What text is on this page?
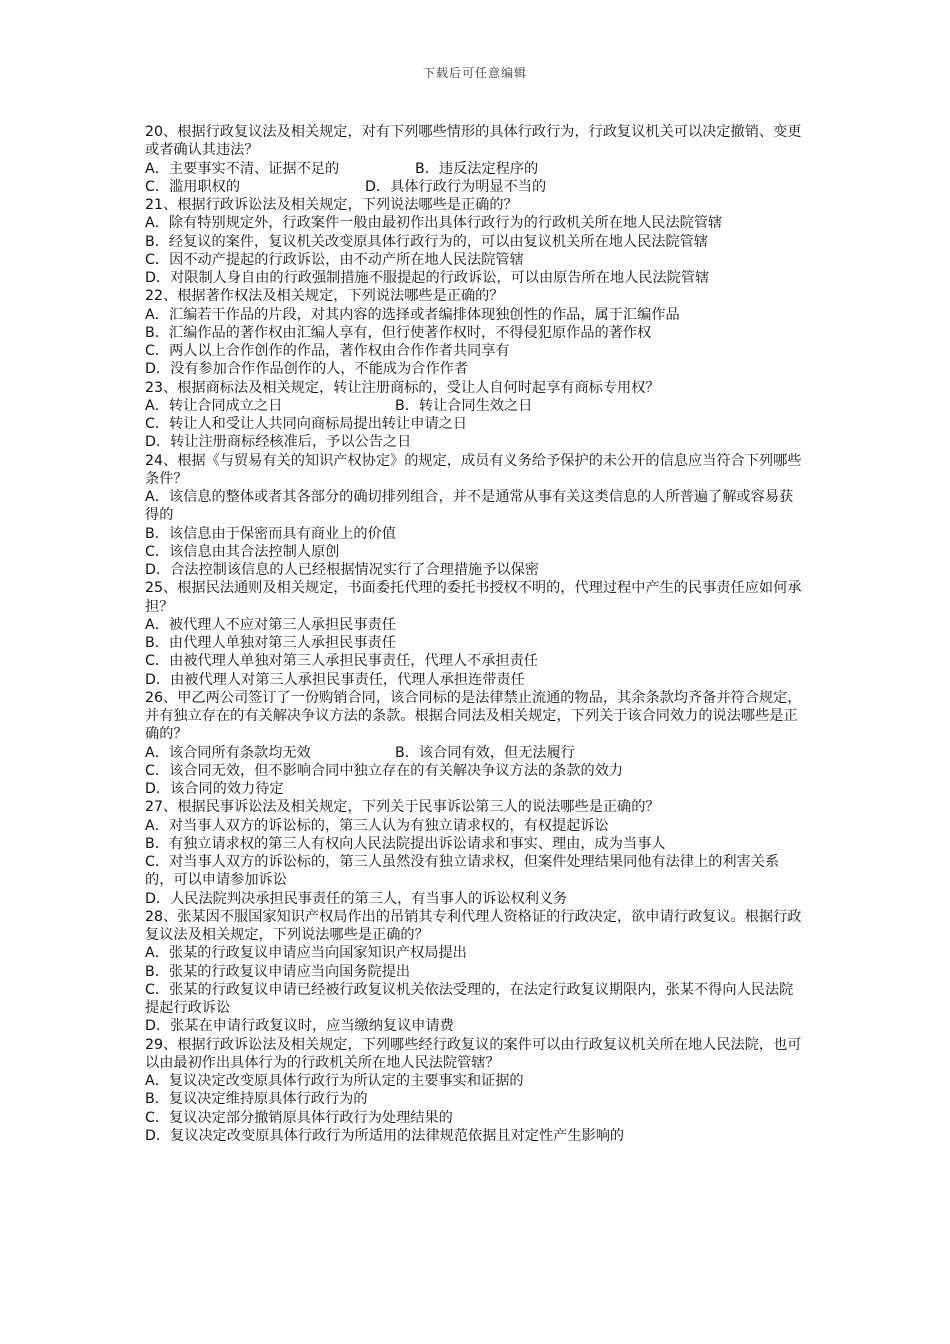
下载后可任意编辑
20、根据行政复议法及相关规定，对有下列哪些情形的具体行政行为，行政复议机关可以决定撤销、变更或者确认其违法？
A．主要事实不清、证据不足的	B．违反法定程序的
C．滥用职权的	D．具体行政行为明显不当的
21、根据行政诉讼法及相关规定，下列说法哪些是正确的？
A．除有特别规定外，行政案件一般由最初作出具体行政行为的行政机关所在地人民法院管辖
B．经复议的案件，复议机关改变原具体行政行为的，可以由复议机关所在地人民法院管辖
C．因不动产提起的行政诉讼，由不动产所在地人民法院管辖
D．对限制人身自由的行政强制措施不服提起的行政诉讼，可以由原告所在地人民法院管辖
22、根据著作权法及相关规定，下列说法哪些是正确的？
A．汇编若干作品的片段，对其内容的选择或者编排体现独创性的作品，属于汇编作品
B．汇编作品的著作权由汇编人享有，但行使著作权时，不得侵犯原作品的著作权
C．两人以上合作创作的作品，著作权由合作作者共同享有
D．没有参加合作作品创作的人，不能成为合作作者
23、根据商标法及相关规定，转让注册商标的，受让人自何时起享有商标专用权？
A．转让合同成立之日	B．转让合同生效之日
C．转让人和受让人共同向商标局提出转让申请之日
D．转让注册商标经核准后，予以公告之日
24、根据《与贸易有关的知识产权协定》的规定，成员有义务给予保护的未公开的信息应当符合下列哪些条件？
A．该信息的整体或者其各部分的确切排列组合，并不是通常从事有关这类信息的人所普遍了解或容易获得的
B．该信息由于保密而具有商业上的价值
C．该信息由其合法控制人原创
D．合法控制该信息的人已经根据情况实行了合理措施予以保密
25、根据民法通则及相关规定，书面委托代理的委托书授权不明的，代理过程中产生的民事责任应如何承担？
A．被代理人不应对第三人承担民事责任
B．由代理人单独对第三人承担民事责任
C．由被代理人单独对第三人承担民事责任，代理人不承担责任
D．由被代理人对第三人承担民事责任，代理人承担连带责任
26、甲乙两公司签订了一份购销合同，该合同标的是法律禁止流通的物品，其余条款均齐备并符合规定，并有独立存在的有关解决争议方法的条款。根据合同法及相关规定，下列关于该合同效力的说法哪些是正确的？
A．该合同所有条款均无效	B．该合同有效，但无法履行
C．该合同无效，但不影响合同中独立存在的有关解决争议方法的条款的效力
D．该合同的效力待定
27、根据民事诉讼法及相关规定，下列关于民事诉讼第三人的说法哪些是正确的？
A．对当事人双方的诉讼标的，第三人认为有独立请求权的，有权提起诉讼
B．有独立请求权的第三人有权向人民法院提出诉讼请求和事实、理由，成为当事人
C．对当事人双方的诉讼标的，第三人虽然没有独立请求权，但案件处理结果同他有法律上的利害关系的，可以申请参加诉讼
D．人民法院判决承担民事责任的第三人，有当事人的诉讼权利义务
28、张某因不服国家知识产权局作出的吊销其专利代理人资格证的行政决定，欲申请行政复议。根据行政复议法及相关规定，下列说法哪些是正确的？
A．张某的行政复议申请应当向国家知识产权局提出
B．张某的行政复议申请应当向国务院提出
C．张某的行政复议申请已经被行政复议机关依法受理的，在法定行政复议期限内，张某不得向人民法院提起行政诉讼
D．张某在申请行政复议时，应当缴纳复议申请费
29、根据行政诉讼法及相关规定，下列哪些经行政复议的案件可以由行政复议机关所在地人民法院，也可以由最初作出具体行为的行政机关所在地人民法院管辖？
A．复议决定改变原具体行政行为所认定的主要事实和证据的
B．复议决定维持原具体行政行为的
C．复议决定部分撤销原具体行政行为处理结果的
D．复议决定改变原具体行政行为所适用的法律规范依据且对定性产生影响的
